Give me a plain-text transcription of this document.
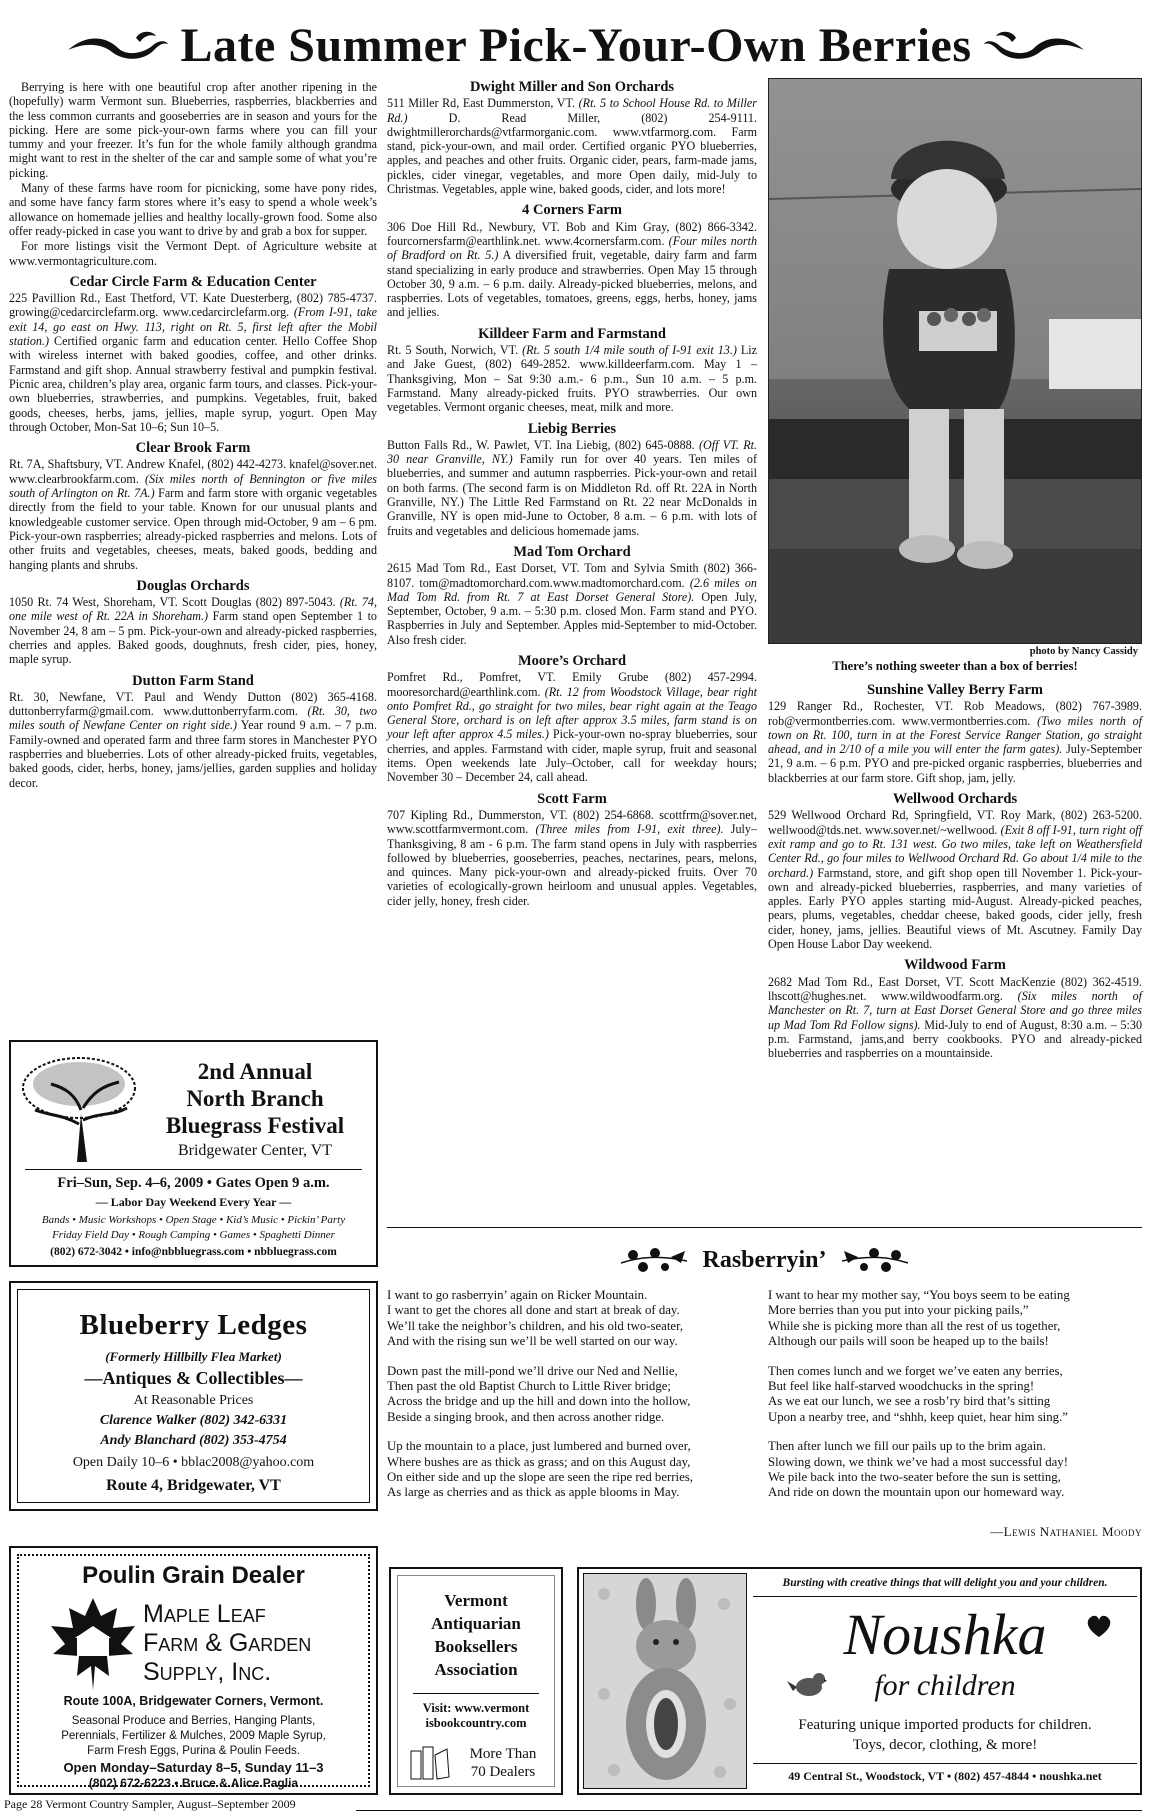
Late Summer Pick-Your-Own Berries

Berrying is here with one beautiful crop after another ripening in the (hopefully) warm Vermont sun. Blueberries, raspberries, blackberries and the less common currants and gooseberries are in season and yours for the picking. Here are some pick-your-own farms where you can fill your tummy and your freezer. It’s fun for the whole family although grandma might want to rest in the shelter of the car and sample some of what you’re picking.

Many of these farms have room for picnicking, some have pony rides, and some have fancy farm stores where it’s easy to spend a whole week’s allowance on homemade jellies and healthy locally-grown food. Some also offer ready-picked in case you want to drive by and grab a box for supper.

For more listings visit the Vermont Dept. of Agriculture website at www.vermontagriculture.com.

Cedar Circle Farm & Education Center
225 Pavillion Rd., East Thetford, VT. Kate Duesterberg, (802) 785-4737. growing@cedarcirclefarm.org. www.cedarcirclefarm.org. (From I-91, take exit 14, go east on Hwy. 113, right on Rt. 5, first left after the Mobil station.) Certified organic farm and education center. Hello Coffee Shop with wireless internet with baked goodies, coffee, and other drinks. Farmstand and gift shop. Annual strawberry festival and pumpkin festival. Picnic area, children’s play area, organic farm tours, and classes. Pick-your-own blueberries, strawberries, and pumpkins. Vegetables, fruit, baked goods, cheeses, herbs, jams, jellies, maple syrup, yogurt. Open May through October, Mon-Sat 10–6; Sun 10–5.
Clear Brook Farm
Rt. 7A, Shaftsbury, VT. Andrew Knafel, (802) 442-4273. knafel@sover.net. www.clearbrookfarm.com. (Six miles north of Bennington or five miles south of Arlington on Rt. 7A.) Farm and farm store with organic vegetables directly from the field to your table. Known for our unusual plants and knowledgeable customer service. Open through mid-October, 9 am – 6 pm. Pick-your-own raspberries; already-picked raspberries and melons. Lots of other fruits and vegetables, cheeses, meats, baked goods, bedding and hanging plants and shrubs.
Douglas Orchards
1050 Rt. 74 West, Shoreham, VT. Scott Douglas (802) 897-5043. (Rt. 74, one mile west of Rt. 22A in Shoreham.) Farm stand open September 1 to November 24, 8 am – 5 pm. Pick-your-own and already-picked raspberries, cherries and apples. Baked goods, doughnuts, fresh cider, pies, honey, maple syrup.
Dutton Farm Stand
Rt. 30, Newfane, VT. Paul and Wendy Dutton (802) 365-4168. duttonberryfarm@gmail.com. www.duttonberryfarm.com. (Rt. 30, two miles south of Newfane Center on right side.) Year round 9 a.m. – 7 p.m. Family-owned and operated farm and three farm stores in Manchester PYO raspberries and blueberries. Lots of other already-picked fruits, vegetables, baked goods, cider, herbs, honey, jams/jellies, garden supplies and holiday decor.
Dwight Miller and Son Orchards
511 Miller Rd, East Dummerston, VT. (Rt. 5 to School House Rd. to Miller Rd.) D. Read Miller, (802) 254-9111. dwightmillerorchards@vtfarmorganic.com. www.vtfarmorg.com. Farm stand, pick-your-own, and mail order. Certified organic PYO blueberries, apples, and peaches and other fruits. Organic cider, pears, farm-made jams, pickles, cider vinegar, vegetables, and more Open daily, mid-July to Christmas. Vegetables, apple wine, baked goods, cider, and lots more!
4 Corners Farm
306 Doe Hill Rd., Newbury, VT. Bob and Kim Gray, (802) 866-3342. fourcornersfarm@earthlink.net. www.4cornersfarm.com. (Four miles north of Bradford on Rt. 5.) A diversified fruit, vegetable, dairy farm and farm stand specializing in early produce and strawberries. Open May 15 through October 30, 9 a.m. – 6 p.m. daily. Already-picked blueberries, melons, and raspberries. Lots of vegetables, tomatoes, greens, eggs, herbs, honey, jams and jellies.
Killdeer Farm and Farmstand
Rt. 5 South, Norwich, VT. (Rt. 5 south 1/4 mile south of I-91 exit 13.) Liz and Jake Guest, (802) 649-2852. www.killdeerfarm.com. May 1 – Thanksgiving, Mon – Sat 9:30 a.m.- 6 p.m., Sun 10 a.m. – 5 p.m. Farmstand. Many already-picked fruits. PYO strawberries. Our own vegetables. Vermont organic cheeses, meat, milk and more.
Liebig Berries
Button Falls Rd., W. Pawlet, VT. Ina Liebig, (802) 645-0888. (Off VT. Rt. 30 near Granville, NY.) Family run for over 40 years. Ten miles of blueberries, and summer and autumn raspberries. Pick-your-own and retail on both farms. (The second farm is on Middleton Rd. off Rt. 22A in North Granville, NY.) The Little Red Farmstand on Rt. 22 near McDonalds in Granville, NY is open mid-June to October, 8 a.m. – 6 p.m. with lots of fruits and vegetables and delicious homemade jams.
Mad Tom Orchard
2615 Mad Tom Rd., East Dorset, VT. Tom and Sylvia Smith (802) 366-8107. tom@madtomorchard.com.www.madtomorchard.com. (2.6 miles on Mad Tom Rd. from Rt. 7 at East Dorset General Store). Open July, September, October, 9 a.m. – 5:30 p.m. closed Mon. Farm stand and PYO. Raspberries in July and September. Apples mid-September to mid-October. Also fresh cider.
Moore’s Orchard
Pomfret Rd., Pomfret, VT. Emily Grube (802) 457-2994. mooresorchard@earthlink.com. (Rt. 12 from Woodstock Village, bear right onto Pomfret Rd., go straight for two miles, bear right again at the Teago General Store, orchard is on left after approx 3.5 miles, farm stand is on your left after approx 4.5 miles.) Pick-your-own no-spray blueberries, sour cherries, and apples. Farmstand with cider, maple syrup, fruit and seasonal items. Open weekends late July–October, call for weekday hours; November 30 – December 24, call ahead.
Scott Farm
707 Kipling Rd., Dummerston, VT. (802) 254-6868. scottfrm@sover.net, www.scottfarmvermont.com. (Three miles from I-91, exit three). July–Thanksgiving, 8 am - 6 p.m. The farm stand opens in July with raspberries followed by blueberries, gooseberries, peaches, nectarines, pears, melons, and quinces. Many pick-your-own and already-picked fruits. Over 70 varieties of ecologically-grown heirloom and unusual apples. Vegetables, cider jelly, honey, fresh cider.
photo by Nancy Cassidy
There’s nothing sweeter than a box of berries!
Sunshine Valley Berry Farm
129 Ranger Rd., Rochester, VT. Rob Meadows, (802) 767-3989. rob@vermontberries.com. www.vermontberries.com. (Two miles north of town on Rt. 100, turn in at the Forest Service Ranger Station, go straight ahead, and in 2/10 of a mile you will enter the farm gates). July-September 21, 9 a.m. – 6 p.m. PYO and pre-picked organic raspberries, blueberries and blackberries at our farm store. Gift shop, jam, jelly.
Wellwood Orchards
529 Wellwood Orchard Rd, Springfield, VT. Roy Mark, (802) 263-5200. wellwood@tds.net. www.sover.net/~wellwood. (Exit 8 off I-91, turn right off exit ramp and go to Rt. 131 west. Go two miles, take left on Weathersfield Center Rd., go four miles to Wellwood Orchard Rd. Go about 1/4 mile to the orchard.) Farmstand, store, and gift shop open till November 1. Pick-your-own and already-picked blueberries, raspberries, and many varieties of apples. Early PYO apples starting mid-August. Already-picked peaches, pears, plums, vegetables, cheddar cheese, baked goods, cider jelly, fresh cider, honey, jams, jellies. Beautiful views of Mt. Ascutney. Family Day Open House Labor Day weekend.
Wildwood Farm
2682 Mad Tom Rd., East Dorset, VT. Scott MacKenzie (802) 362-4519. lhscott@hughes.net. www.wildwoodfarm.org. (Six miles north of Manchester on Rt. 7, turn at East Dorset General Store and go three miles up Mad Tom Rd Follow signs). Mid-July to end of August, 8:30 a.m. – 5:30 p.m. Farmstand, jams,and berry cookbooks. PYO and already-picked blueberries and raspberries on a mountainside.
Rasberryin’
I want to go rasberryin’ again on Ricker Mountain.
I want to get the chores all done and start at break of day.
We’ll take the neighbor’s children, and his old two-seater,
And with the rising sun we’ll be well started on our way.
Down past the mill-pond we’ll drive our Ned and Nellie,
Then past the old Baptist Church to Little River bridge;
Across the bridge and up the hill and down into the hollow,
Beside a singing brook, and then across another ridge.
Up the mountain to a place, just lumbered and burned over,
Where bushes are as thick as grass; and on this August day,
On either side and up the slope are seen the ripe red berries,
As large as cherries and as thick as apple blooms in May.
I want to hear my mother say, “You boys seem to be eating
More berries than you put into your picking pails,”
While she is picking more than all the rest of us together,
Although our pails will soon be heaped up to the bails!
Then comes lunch and we forget we’ve eaten any berries,
But feel like half-starved woodchucks in the spring!
As we eat our lunch, we see a rosb’ry bird that’s sitting
Upon a nearby tree, and “shhh, keep quiet, hear him sing.”
Then after lunch we fill our pails up to the brim again.
Slowing down, we think we’ve had a most successful day!
We pile back into the two-seater before the sun is setting,
And ride on down the mountain upon our homeward way.
—Lewis Nathaniel Moody
2nd Annual
North Branch
Bluegrass Festival
Bridgewater Center, VT
Fri–Sun, Sep. 4–6, 2009 • Gates Open 9 a.m.
— Labor Day Weekend Every Year —
Bands • Music Workshops • Open Stage • Kid’s Music • Pickin’ Party
Friday Field Day • Rough Camping • Games • Spaghetti Dinner
(802) 672-3042 • info@nbbluegrass.com • nbbluegrass.com
Blueberry Ledges
(Formerly Hillbilly Flea Market)
—Antiques & Collectibles—
At Reasonable Prices
Clarence Walker (802) 342-6331
Andy Blanchard (802) 353-4754
Open Daily 10–6 • bblac2008@yahoo.com
Route 4, Bridgewater, VT
Poulin Grain Dealer
Maple Leaf
Farm & Garden
Supply, Inc.
Route 100A, Bridgewater Corners, Vermont.
Seasonal Produce and Berries, Hanging Plants,
Perennials, Fertilizer & Mulches, 2009 Maple Syrup,
Farm Fresh Eggs, Purina & Poulin Feeds.
Open Monday–Saturday 8–5, Sunday 11–3
(802) 672-6223 • Bruce & Alice Paglia
Vermont
Antiquarian
Booksellers
Association
Visit: www.vermont
isbookcountry.com
More Than
70 Dealers
Bursting with creative things that will delight you and your children.
Noushka
for children
Featuring unique imported products for children.
Toys, decor, clothing, & more!
49 Central St., Woodstock, VT • (802) 457-4844 • noushka.net
Page 28 Vermont Country Sampler, August–September 2009
